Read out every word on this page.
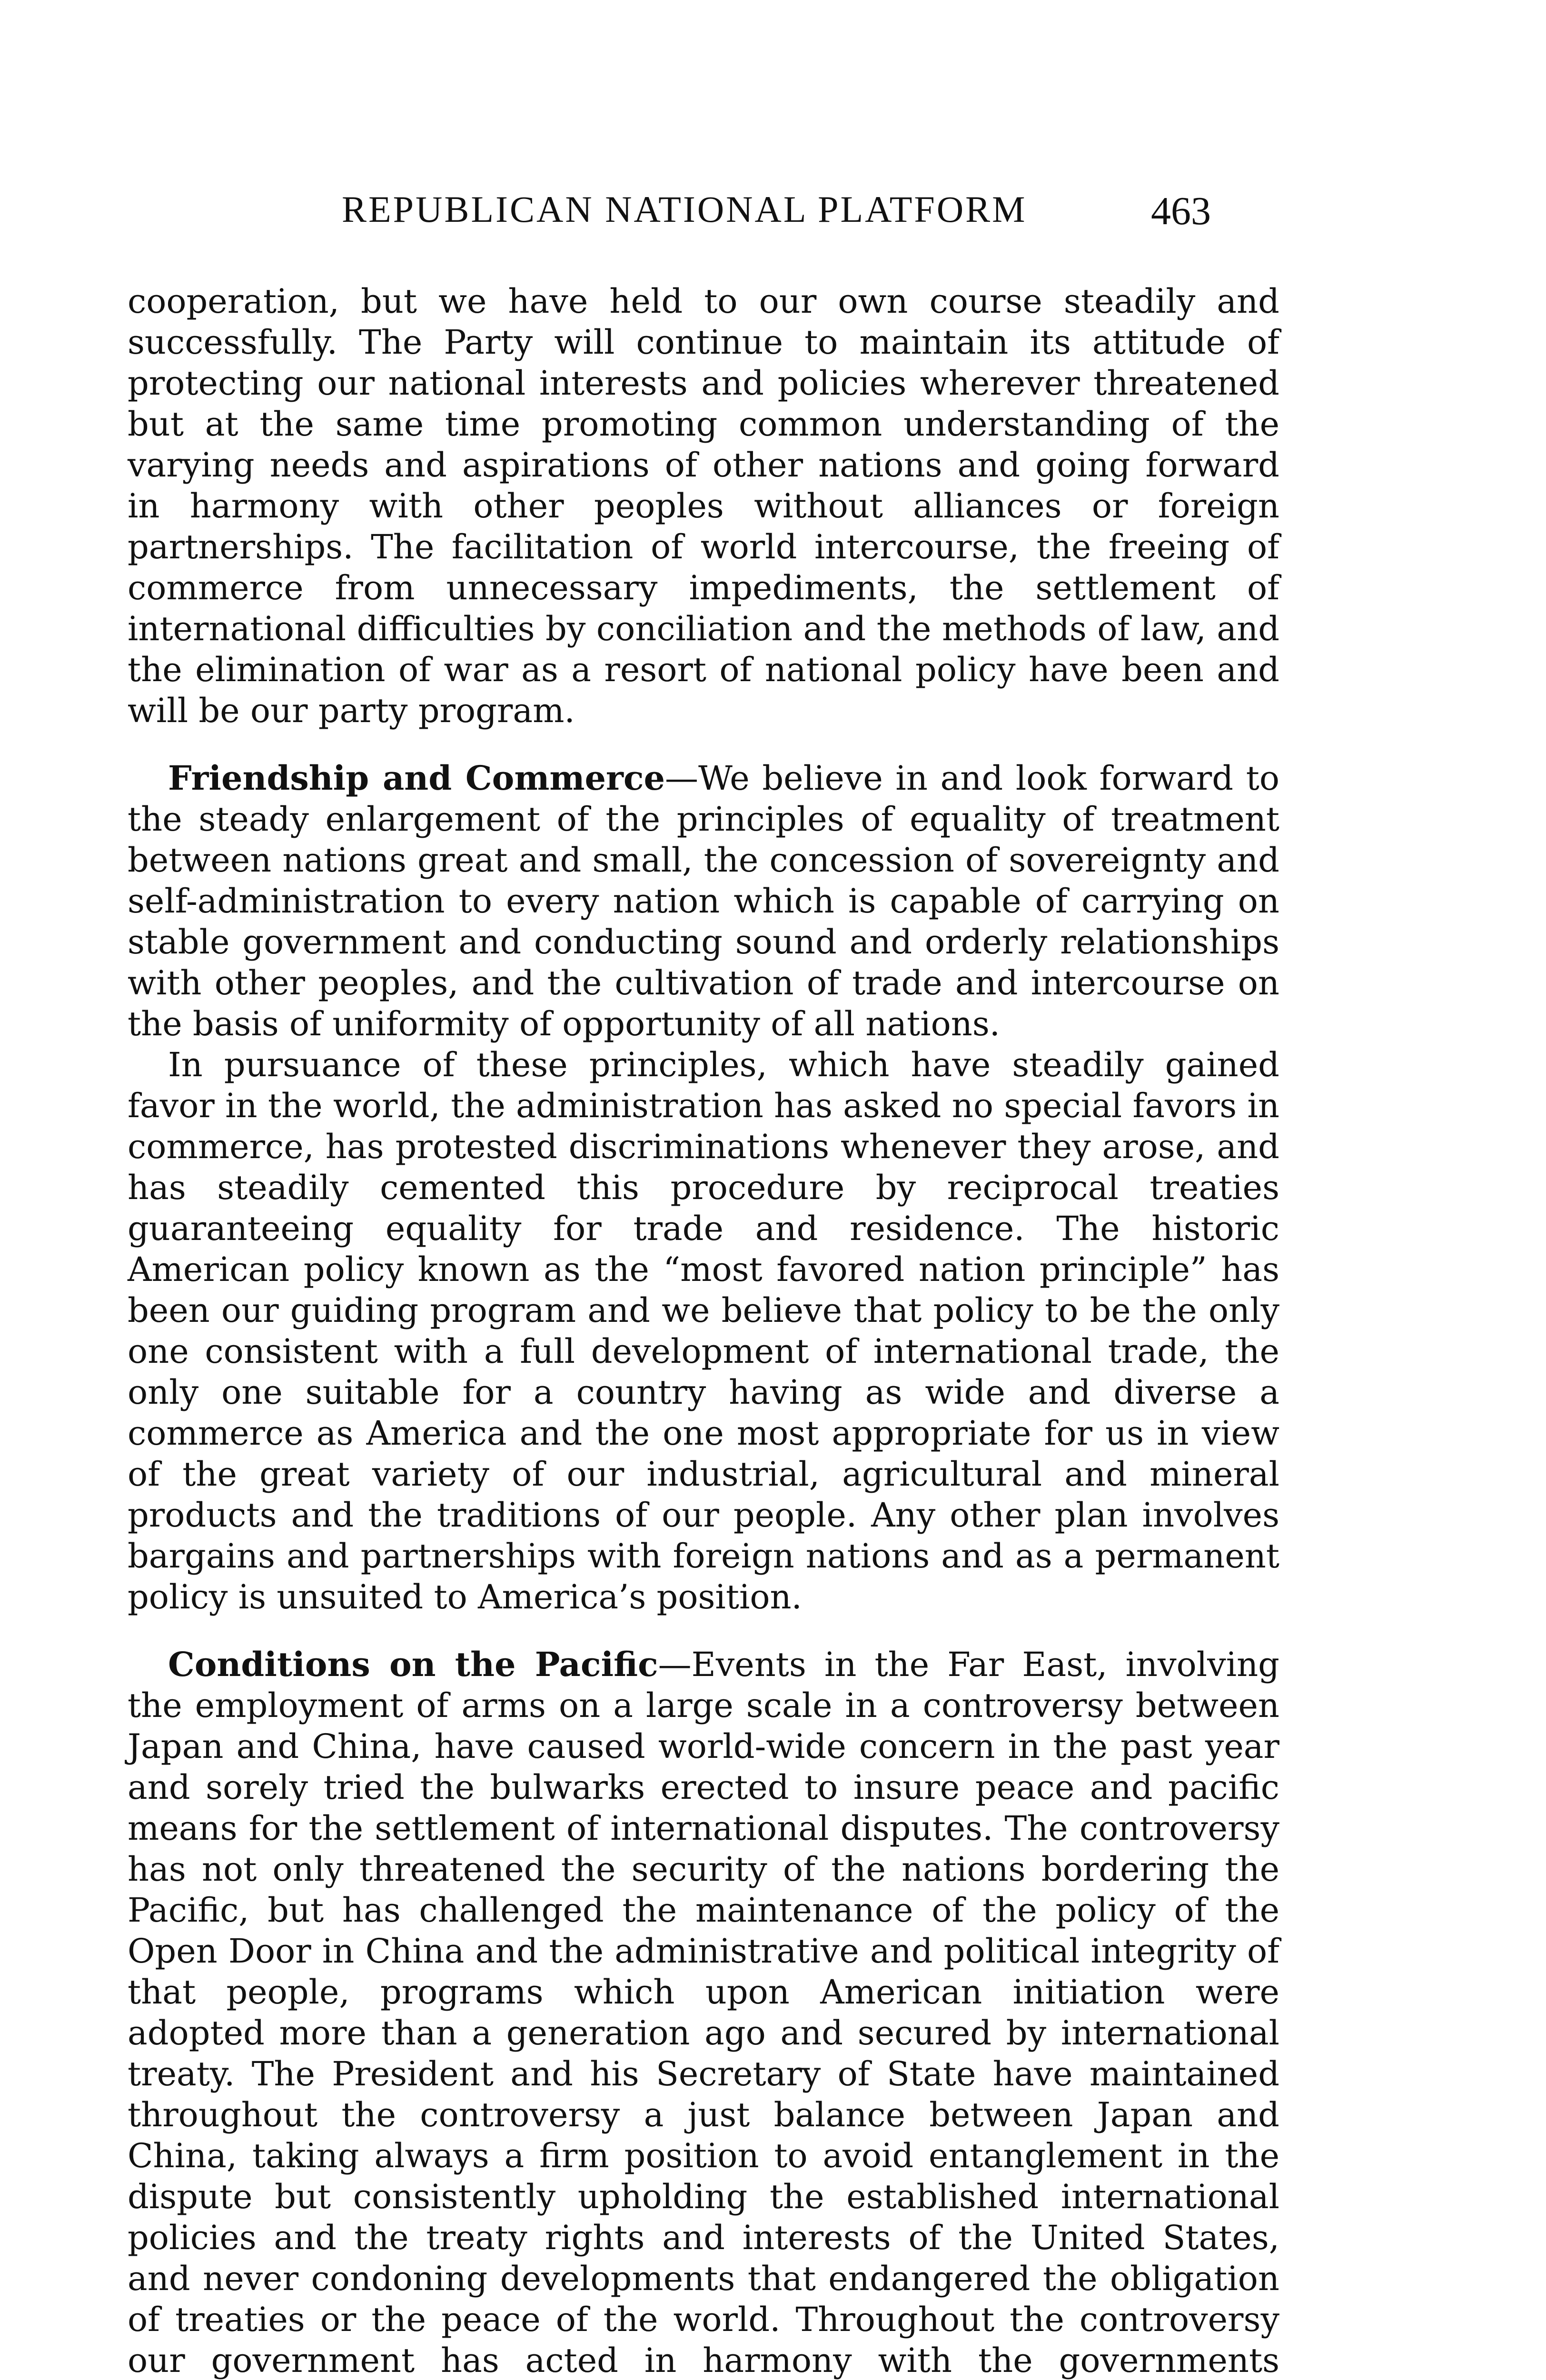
REPUBLICAN NATIONAL PLATFORM	463

cooperation, but we have held to our own course steadily and successfully. The Party will continue to maintain its attitude of protecting our national interests and policies wherever threatened but at the same time promoting common understanding of the varying needs and aspirations of other nations and going forward in harmony with other peoples without alliances or foreign partnerships. The facilitation of world intercourse, the freeing of commerce from unnecessary impediments, the settlement of international difficulties by conciliation and the methods of law, and the elimination of war as a resort of national policy have been and will be our party program.

Friendship and Commerce—We believe in and look forward to the steady enlargement of the principles of equality of treatment between nations great and small, the concession of sovereignty and self-administration to every nation which is capable of carrying on stable government and conducting sound and orderly relationships with other peoples, and the cultivation of trade and intercourse on the basis of uniformity of opportunity of all nations.

In pursuance of these principles, which have steadily gained favor in the world, the administration has asked no special favors in commerce, has protested discriminations whenever they arose, and has steadily cemented this procedure by reciprocal treaties guaranteeing equality for trade and residence. The historic American policy known as the “most favored nation principle” has been our guiding program and we believe that policy to be the only one consistent with a full development of international trade, the only one suitable for a country having as wide and diverse a commerce as America and the one most appropriate for us in view of the great variety of our industrial, agricultural and mineral products and the traditions of our people. Any other plan involves bargains and partnerships with foreign nations and as a permanent policy is unsuited to America’s position.

Conditions on the Pacific—Events in the Far East, involving the employment of arms on a large scale in a controversy between Japan and China, have caused world-wide concern in the past year and sorely tried the bulwarks erected to insure peace and pacific means for the settlement of international disputes. The controversy has not only threatened the security of the nations bordering the Pacific, but has challenged the maintenance of the policy of the Open Door in China and the administrative and political integrity of that people, programs which upon American initiation were adopted more than a generation ago and secured by international treaty. The President and his Secretary of State have maintained throughout the controversy a just balance between Japan and China, taking always a firm position to avoid entanglement in the dispute but consistently upholding the established international policies and the treaty rights and interests of the United States, and never condoning developments that endangered the obligation of treaties or the peace of the world. Throughout the controversy our government has acted in harmony with the governments
